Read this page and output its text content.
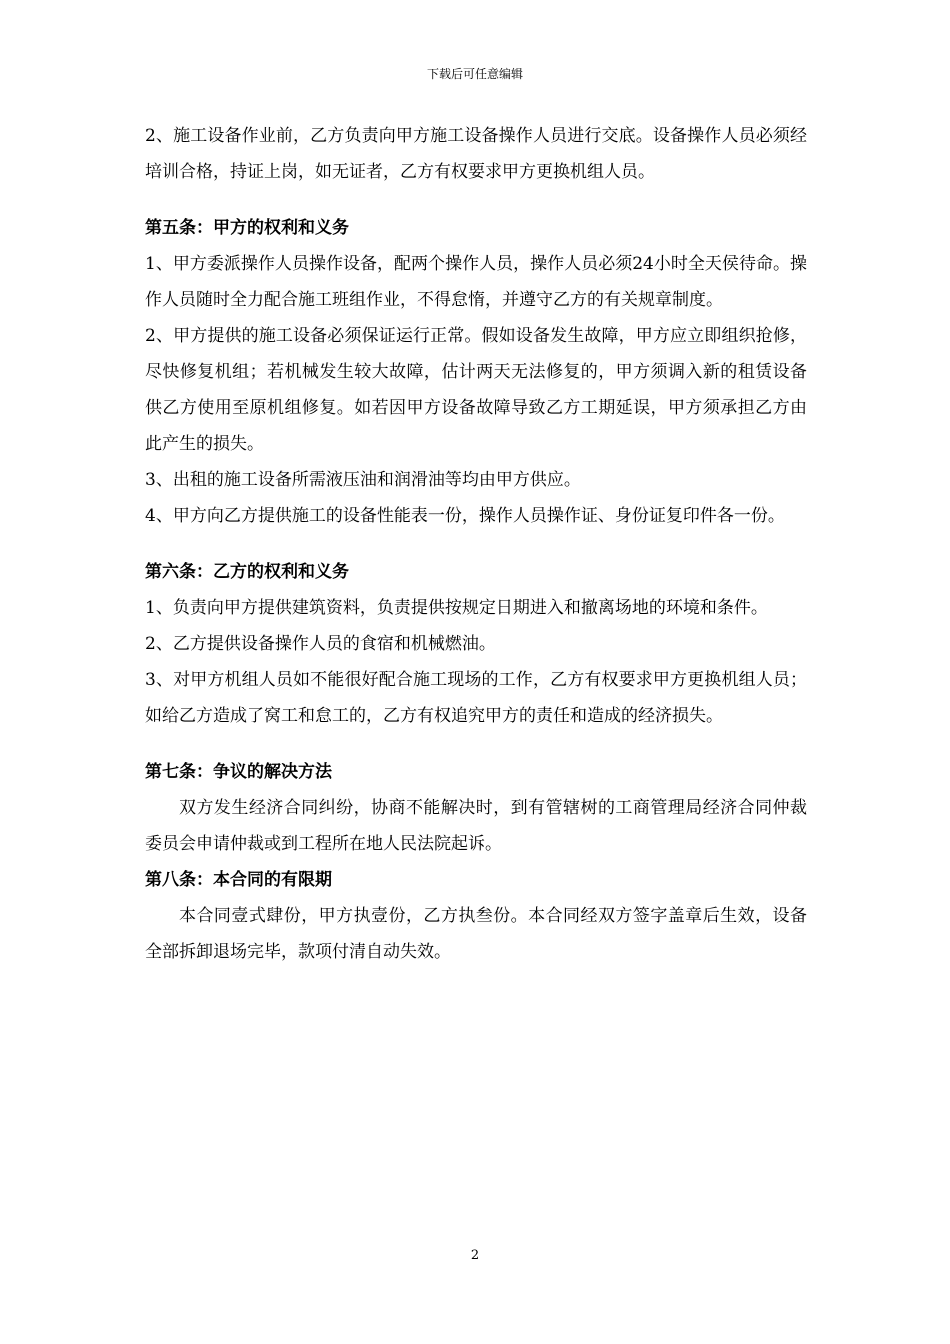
下载后可任意编辑

2、施工设备作业前，乙方负责向甲方施工设备操作人员进行交底。设备操作人员必须经培训合格，持证上岗，如无证者，乙方有权要求甲方更换机组人员。

第五条：甲方的权利和义务

1、甲方委派操作人员操作设备，配两个操作人员，操作人员必须24小时全天侯待命。操作人员随时全力配合施工班组作业，不得怠惰，并遵守乙方的有关规章制度。

2、甲方提供的施工设备必须保证运行正常。假如设备发生故障，甲方应立即组织抢修，尽快修复机组；若机械发生较大故障，估计两天无法修复的，甲方须调入新的租赁设备供乙方使用至原机组修复。如若因甲方设备故障导致乙方工期延误，甲方须承担乙方由此产生的损失。

3、出租的施工设备所需液压油和润滑油等均由甲方供应。

4、甲方向乙方提供施工的设备性能表一份，操作人员操作证、身份证复印件各一份。

第六条：乙方的权利和义务

1、负责向甲方提供建筑资料，负责提供按规定日期进入和撤离场地的环境和条件。

2、乙方提供设备操作人员的食宿和机械燃油。

3、对甲方机组人员如不能很好配合施工现场的工作，乙方有权要求甲方更换机组人员；如给乙方造成了窝工和怠工的，乙方有权追究甲方的责任和造成的经济损失。

第七条：争议的解决方法

双方发生经济合同纠纷，协商不能解决时，到有管辖树的工商管理局经济合同仲裁委员会申请仲裁或到工程所在地人民法院起诉。

第八条：本合同的有限期

本合同壹式肆份，甲方执壹份，乙方执叁份。本合同经双方签字盖章后生效，设备全部拆卸退场完毕，款项付清自动失效。

2
